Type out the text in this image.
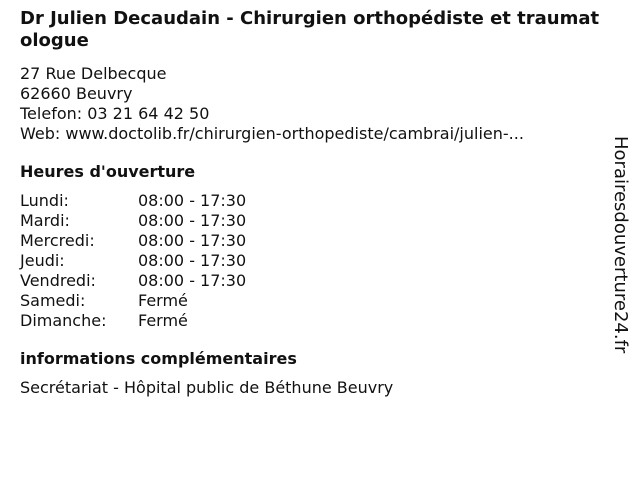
Dr Julien Decaudain - Chirurgien orthopédiste et traumatologue
27 Rue Delbecque
62660 Beuvry
Telefon: 03 21 64 42 50
Web: www.doctolib.fr/chirurgien-orthopediste/cambrai/julien-...
Heures d'ouverture
Lundi:	08:00 - 17:30
Mardi:	08:00 - 17:30
Mercredi:	08:00 - 17:30
Jeudi:	08:00 - 17:30
Vendredi:	08:00 - 17:30
Samedi:	Fermé
Dimanche:	Fermé
informations complémentaires
Secrétariat - Hôpital public de Béthune Beuvry
Horairesdouverture24.fr
